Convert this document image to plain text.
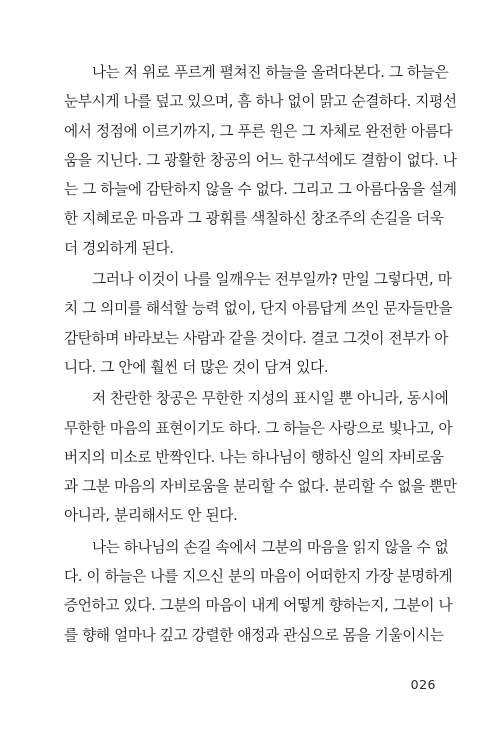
나는 저 위로 푸르게 펼쳐진 하늘을 올려다본다. 그 하늘은
눈부시게 나를 덮고 있으며, 흠 하나 없이 맑고 순결하다. 지평선
에서 정점에 이르기까지, 그 푸른 원은 그 자체로 완전한 아름다
움을 지닌다. 그 광활한 창공의 어느 한구석에도 결함이 없다. 나
는 그 하늘에 감탄하지 않을 수 없다. 그리고 그 아름다움을 설계
한 지혜로운 마음과 그 광휘를 색칠하신 창조주의 손길을 더욱
더 경외하게 된다.
그러나 이것이 나를 일깨우는 전부일까? 만일 그렇다면, 마
치 그 의미를 해석할 능력 없이, 단지 아름답게 쓰인 문자들만을
감탄하며 바라보는 사람과 같을 것이다. 결코 그것이 전부가 아
니다. 그 안에 훨씬 더 많은 것이 담겨 있다.
저 찬란한 창공은 무한한 지성의 표시일 뿐 아니라, 동시에
무한한 마음의 표현이기도 하다. 그 하늘은 사랑으로 빛나고, 아
버지의 미소로 반짝인다. 나는 하나님이 행하신 일의 자비로움
과 그분 마음의 자비로움을 분리할 수 없다. 분리할 수 없을 뿐만
아니라, 분리해서도 안 된다.
나는 하나님의 손길 속에서 그분의 마음을 읽지 않을 수 없
다. 이 하늘은 나를 지으신 분의 마음이 어떠한지 가장 분명하게
증언하고 있다. 그분의 마음이 내게 어떻게 향하는지, 그분이 나
를 향해 얼마나 깊고 강렬한 애정과 관심으로 몸을 기울이시는
026
